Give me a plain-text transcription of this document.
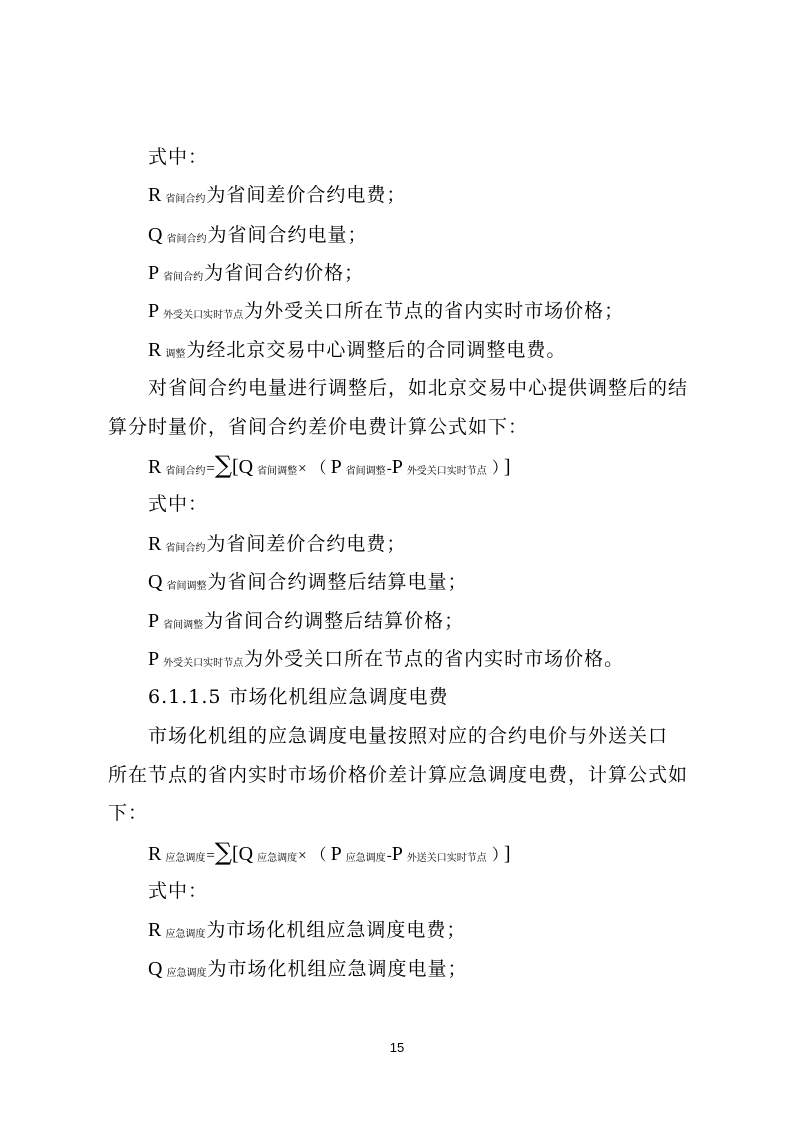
式中：
R省间合约为省间差价合约电费；
Q省间合约为省间合约电量；
P省间合约为省间合约价格；
P外受关口实时节点为外受关口所在节点的省内实时市场价格；
R调整为经北京交易中心调整后的合同调整电费。
对省间合约电量进行调整后，如北京交易中心提供调整后的结
算分时量价，省间合约差价电费计算公式如下：
R省间合约=∑[Q 省间调整× （ P 省间调整-P 外受关口实时节点 ） ]
式中：
R省间合约为省间差价合约电费；
Q省间调整为省间合约调整后结算电量；
P省间调整为省间合约调整后结算价格；
P外受关口实时节点为外受关口所在节点的省内实时市场价格。
6.1.1.5 市场化机组应急调度电费
市场化机组的应急调度电量按照对应的合约电价与外送关口
所在节点的省内实时市场价格价差计算应急调度电费，计算公式如
下：
R应急调度=∑[Q 应急调度× （ P 应急调度-P 外送关口实时节点 ） ]
式中：
R应急调度为市场化机组应急调度电费；
Q应急调度为市场化机组应急调度电量；
15
